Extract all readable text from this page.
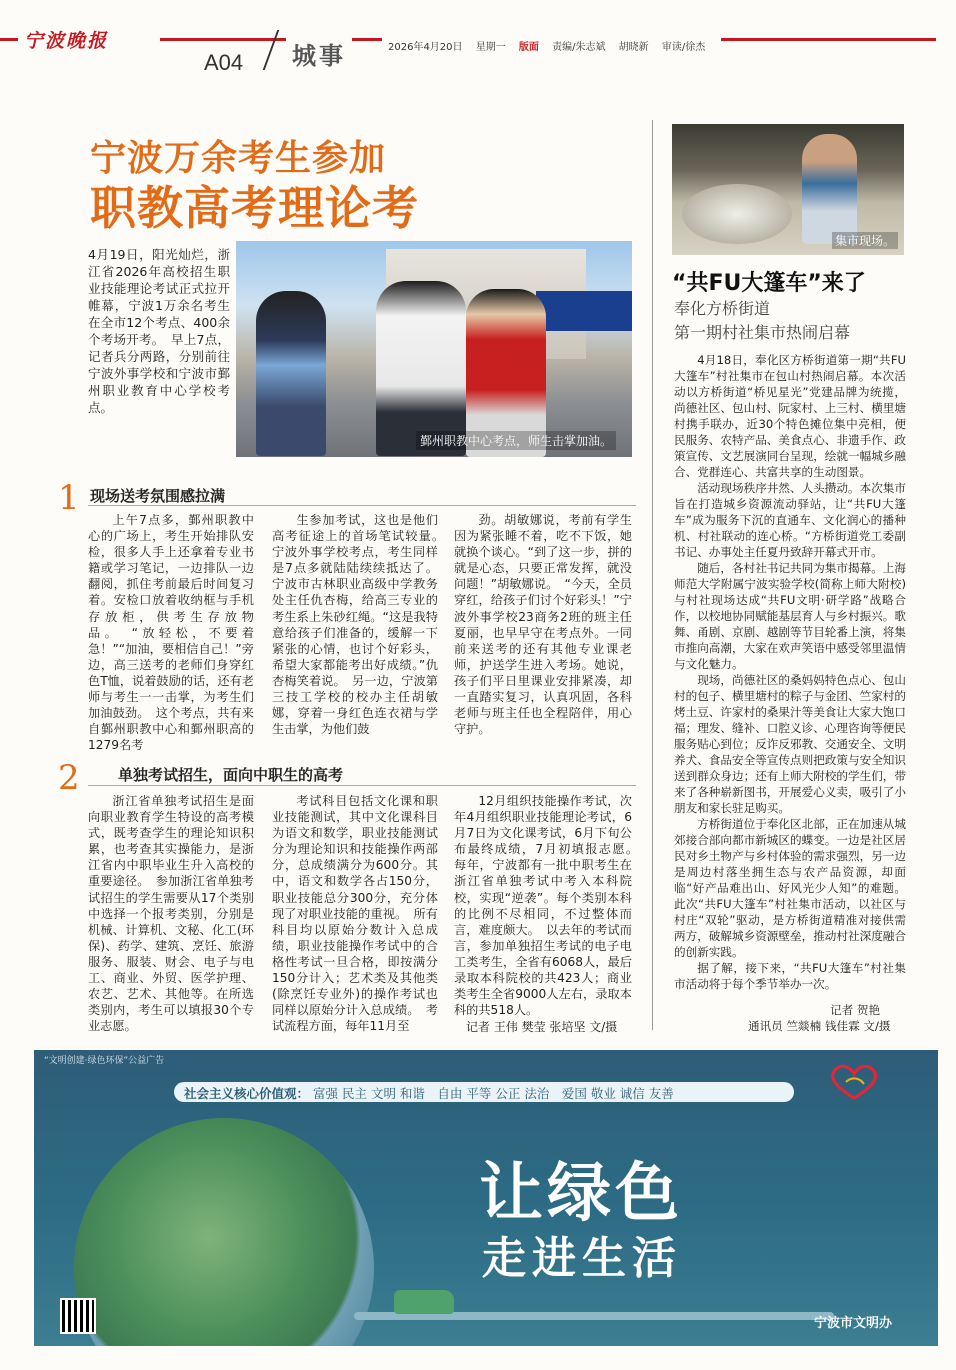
宁波晚报
A04 城事	2026年4月20日 星期一 版面 责编/朱志斌 胡晓新 审读/徐杰
宁波万余考生参加
职教高考理论考
4月19日，阳光灿烂，浙江省2026年高校招生职业技能理论考试正式拉开帷幕，宁波1万余名考生在全市12个考点、400余个考场开考。　早上7点，记者兵分两路，分别前往宁波外事学校和宁波市鄞州职业教育中心学校考点。
鄞州职教中心考点，师生击掌加油。
1 现场送考氛围感拉满
上午7点多，鄞州职教中心的广场上，考生开始排队安检，很多人手上还拿着专业书籍或学习笔记，一边排队一边翻阅，抓住考前最后时间复习着。安检口放着收纳框与手机存放柜，供考生存放物品。　“放轻松，不要着急！”“加油，要相信自己！”旁边，高三送考的老师们身穿红色T恤，说着鼓励的话，还有老师与考生一一击掌，为考生们加油鼓劲。　这个考点，共有来自鄞州职教中心和鄞州职高的1279名考
生参加考试，这也是他们高考征途上的首场笔试较量。　宁波外事学校考点，考生同样是7点多就陆陆续续抵达了。宁波市古林职业高级中学教务处主任仇杏梅，给高三专业的考生系上朱砂红绳。“这是我特意给孩子们准备的，缓解一下紧张的心情，也讨个好彩头，希望大家都能考出好成绩。”仇杏梅笑着说。　另一边，宁波第三技工学校的校办主任胡敏娜，穿着一身红色连衣裙与学生击掌，为他们鼓
劲。胡敏娜说，考前有学生因为紧张睡不着，吃不下饭，她就换个谈心。“到了这一步，拼的就是心态，只要正常发挥，就没问题！”胡敏娜说。　“今天，全员穿红，给孩子们讨个好彩头！”宁波外事学校23商务2班的班主任夏丽，也早早守在考点外。一同前来送考的还有其他专业课老师，护送学生进入考场。她说，孩子们平日里课业安排紧凑，却一直踏实复习，认真巩固，各科老师与班主任也全程陪伴，用心守护。
2	单独考试招生，面向中职生的高考
浙江省单独考试招生是面向职业教育学生特设的高考模式，既考查学生的理论知识积累，也考查其实操能力，是浙江省内中职毕业生升入高校的重要途径。　参加浙江省单独考试招生的学生需要从17个类别中选择一个报考类别，分别是机械、计算机、文秘、化工(环保)、药学、建筑、烹饪、旅游服务、服装、财会、电子与电工、商业、外贸、医学护理、农艺、艺术、其他等。在所选类别内，考生可以填报30个专业志愿。
考试科目包括文化课和职业技能测试，其中文化课科目为语文和数学，职业技能测试分为理论知识和技能操作两部分，总成绩满分为600分。其中，语文和数学各占150分，职业技能总分300分，充分体现了对职业技能的重视。　所有科目均以原始分数计入总成绩，职业技能操作考试中的合格性考试一旦合格，即按满分150分计入；艺术类及其他类(除烹饪专业外)的操作考试也同样以原始分计入总成绩。　考试流程方面，每年11月至
12月组织技能操作考试，次年4月组织职业技能理论考试，6月7日为文化课考试，6月下旬公布最终成绩，7月初填报志愿。　每年，宁波都有一批中职考生在浙江省单独考试中考入本科院校，实现“逆袭”。每个类别本科的比例不尽相同，不过整体而言，难度颇大。　以去年的考试而言，参加单独招生考试的电子电工类考生，全省有6068人，最后录取本科院校的共423人；商业类考生全省9000人左右，录取本科的共518人。
记者 王伟 樊莹 张培坚 文/摄
集市现场。
“共FU大篷车”来了
奉化方桥街道
第一期村社集市热闹启幕

4月18日，奉化区方桥街道第一期“共FU大篷车”村社集市在包山村热闹启幕。本次活动以方桥街道“桥见星光”党建品牌为统揽，尚德社区、包山村、阮家村、上三村、横里塘村携手联办，近30个特色摊位集中亮相，便民服务、农特产品、美食点心、非遗手作、政策宣传、文艺展演同台呈现，绘就一幅城乡融合、党群连心、共富共享的生动图景。

活动现场秩序井然、人头攒动。本次集市旨在打造城乡资源流动驿站，让“共FU大篷车”成为服务下沉的直通车、文化润心的播种机、村社联动的连心桥。“方桥街道党工委副书记、办事处主任夏丹致辞开幕式开市。

随后，各村社书记共同为集市揭幕。上海师范大学附属宁波实验学校(简称上师大附校)与村社现场达成“共FU文明·研学路”战略合作，以校地协同赋能基层育人与乡村振兴。歌舞、甬剧、京剧、越剧等节目轮番上演，将集市推向高潮，大家在欢声笑语中感受邻里温情与文化魅力。

现场，尚德社区的桑妈妈特色点心、包山村的包子、横里塘村的粽子与金团、竺家村的烤土豆、许家村的桑果汁等美食让大家大饱口福；理发、缝补、口腔义诊、心理咨询等便民服务贴心到位；反诈反邪教、交通安全、文明养犬、食品安全等宣传点则把政策与安全知识送到群众身边；还有上师大附校的学生们，带来了各种崭新图书，开展爱心义卖，吸引了小朋友和家长驻足购买。

方桥街道位于奉化区北部，正在加速从城郊接合部向都市新城区的蝶变。一边是社区居民对乡土物产与乡村体验的需求强烈，另一边是周边村落坐拥生态与农产品资源，却面临“好产品难出山、好风光少人知”的难题。此次“共FU大篷车”村社集市活动，以社区与村庄“双轮”驱动，是方桥街道精准对接供需两方，破解城乡资源壁垒，推动村社深度融合的创新实践。

据了解，接下来，“共FU大篷车”村社集市活动将于每个季节举办一次。

记者 贺艳
通讯员 竺燚楠 钱佳霖 文/摄
“文明创建·绿色环保”公益广告
社会主义核心价值观： 富强 民主 文明 和谐　自由 平等 公正 法治　爱国 敬业 诚信 友善
让绿色
走进生活
宁波市文明办
